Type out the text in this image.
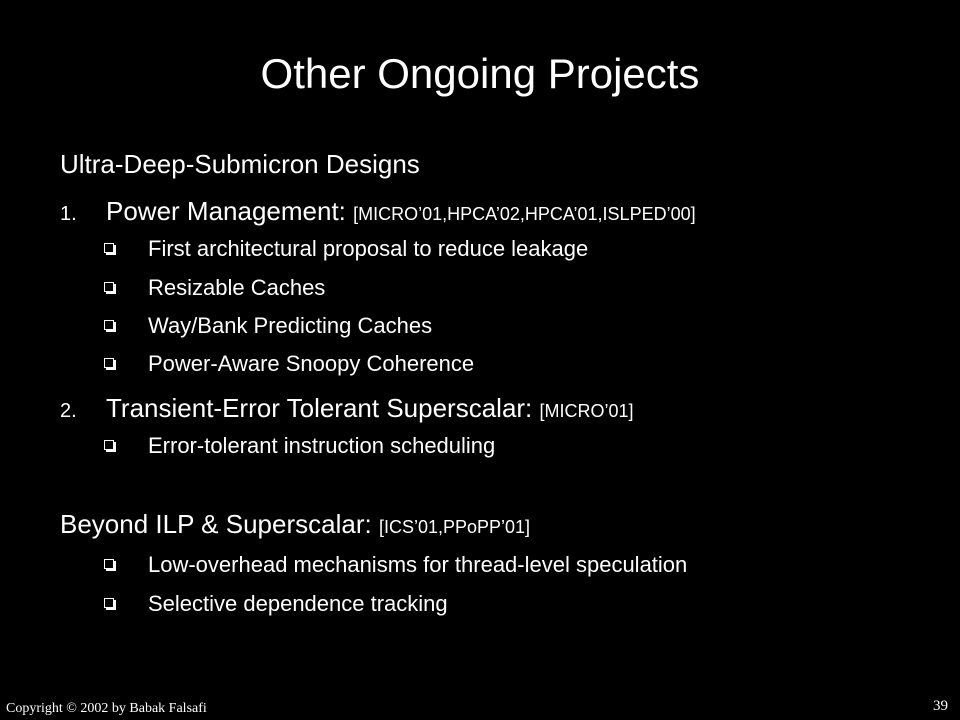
Other Ongoing Projects
Ultra-Deep-Submicron Designs
1. Power Management: [MICRO’01,HPCA’02,HPCA’01,ISLPED’00]
First architectural proposal to reduce leakage
Resizable Caches
Way/Bank Predicting Caches
Power-Aware Snoopy Coherence
2. Transient-Error Tolerant Superscalar: [MICRO’01]
Error-tolerant instruction scheduling
Beyond ILP & Superscalar: [ICS’01,PPoPP’01]
Low-overhead mechanisms for thread-level speculation
Selective dependence tracking
Copyright © 2002 by Babak Falsafi	39
